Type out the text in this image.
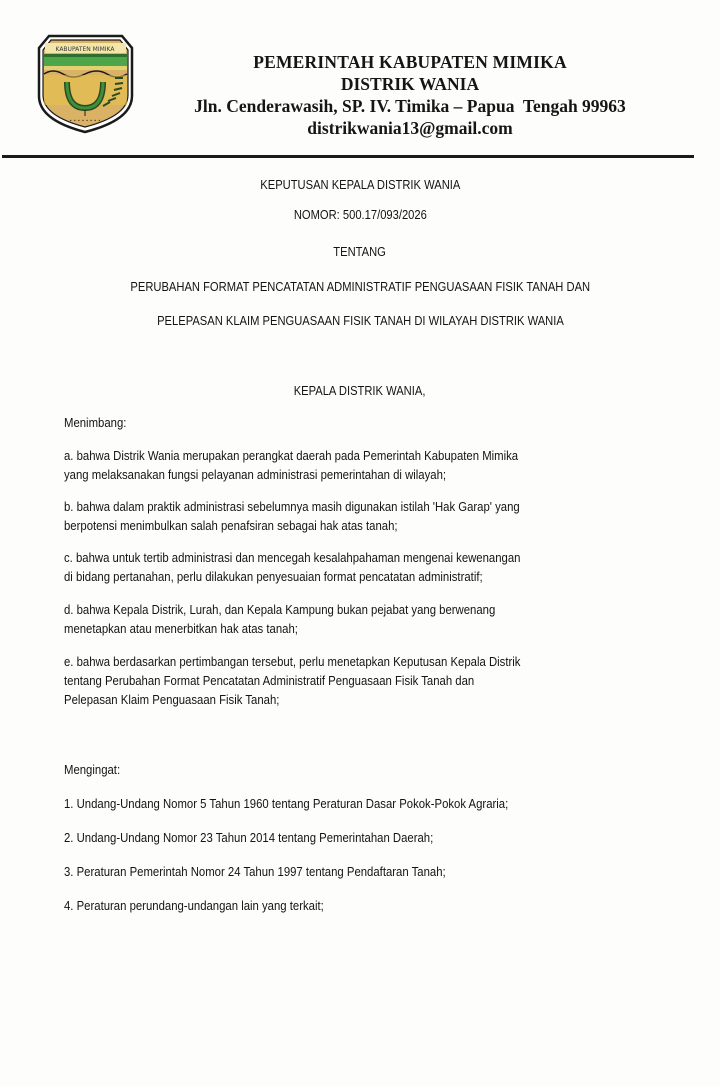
KABUPATEN MIMIKA
• • • • • • • •
PEMERINTAH KABUPATEN MIMIKA
DISTRIK WANIA
Jln. Cenderawasih, SP. IV. Timika – Papua  Tengah 99963
distrikwania13@gmail.com
KEPUTUSAN KEPALA DISTRIK WANIA
NOMOR: 500.17/093/2026
TENTANG
PERUBAHAN FORMAT PENCATATAN ADMINISTRATIF PENGUASAAN FISIK TANAH DAN
PELEPASAN KLAIM PENGUASAAN FISIK TANAH DI WILAYAH DISTRIK WANIA
KEPALA DISTRIK WANIA,
Menimbang:
a. bahwa Distrik Wania merupakan perangkat daerah pada Pemerintah Kabupaten Mimika
yang melaksanakan fungsi pelayanan administrasi pemerintahan di wilayah;
b. bahwa dalam praktik administrasi sebelumnya masih digunakan istilah 'Hak Garap' yang
berpotensi menimbulkan salah penafsiran sebagai hak atas tanah;
c. bahwa untuk tertib administrasi dan mencegah kesalahpahaman mengenai kewenangan
di bidang pertanahan, perlu dilakukan penyesuaian format pencatatan administratif;
d. bahwa Kepala Distrik, Lurah, dan Kepala Kampung bukan pejabat yang berwenang
menetapkan atau menerbitkan hak atas tanah;
e. bahwa berdasarkan pertimbangan tersebut, perlu menetapkan Keputusan Kepala Distrik
tentang Perubahan Format Pencatatan Administratif Penguasaan Fisik Tanah dan
Pelepasan Klaim Penguasaan Fisik Tanah;
Mengingat:
1. Undang-Undang Nomor 5 Tahun 1960 tentang Peraturan Dasar Pokok-Pokok Agraria;
2. Undang-Undang Nomor 23 Tahun 2014 tentang Pemerintahan Daerah;
3. Peraturan Pemerintah Nomor 24 Tahun 1997 tentang Pendaftaran Tanah;
4. Peraturan perundang-undangan lain yang terkait;
